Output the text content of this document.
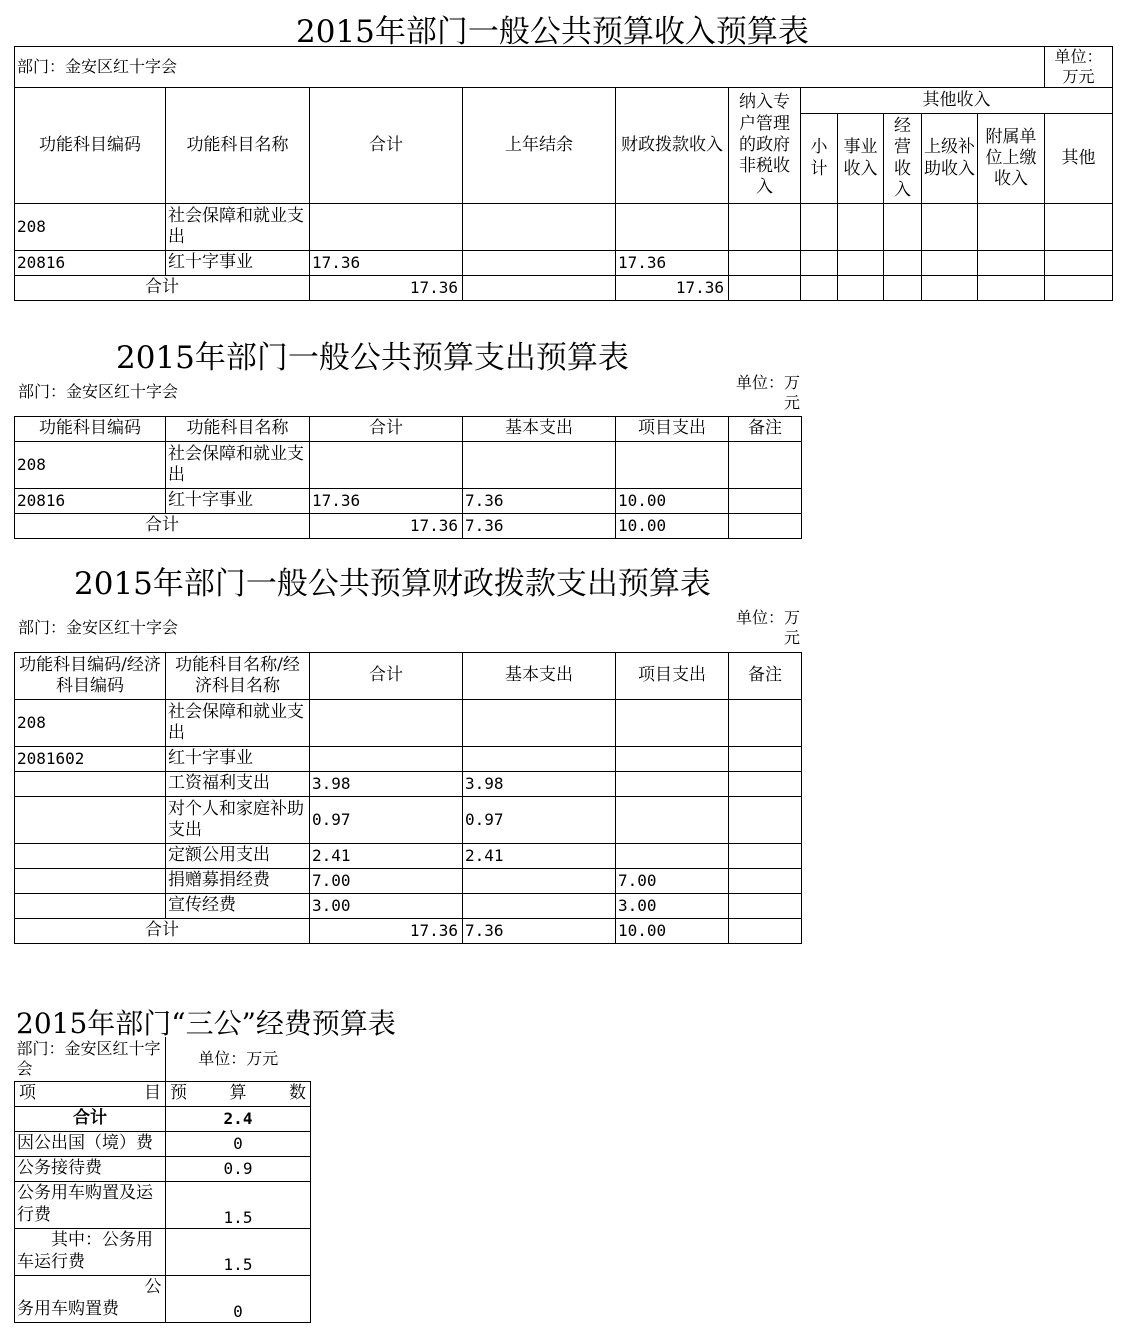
2015年部门一般公共预算收入预算表
部门：金安区红十字会											单位：万元
功能科目编码	功能科目名称	合计	上年结余	财政拨款收入	纳入专户管理的政府非税收入	其他收入					
						小计	事业收入	经营收入	上级补助收入	附属单位上缴收入	其他
208	社会保障和就业支出										
20816	红十字事业	17.36		17.36							
合计		17.36		17.36							
2015年部门一般公共预算支出预算表
部门：金安区红十字会	单位：万元
功能科目编码	功能科目名称	合计	基本支出	项目支出	备注
208	社会保障和就业支出				
20816	红十字事业	17.36	7.36	10.00	
合计		17.36	7.36	10.00	
2015年部门一般公共预算财政拨款支出预算表
部门：金安区红十字会
单位：万元
功能科目编码/经济科目编码	功能科目名称/经济科目名称	合计	基本支出	项目支出	备注
208	社会保障和就业支出				
2081602	红十字事业				
	工资福利支出	3.98	3.98		
	对个人和家庭补助支出	0.97	0.97		
	定额公用支出	2.41	2.41		
	捐赠募捐经费	7.00		7.00	
	宣传经费	3.00		3.00	
合计		17.36	7.36	10.00	
2015年部门“三公”经费预算表
部门：金安区红十字会	单位：万元
项目	预算数
合计	2.4
因公出国（境）费	0
公务接待费	0.9
公务用车购置及运行费	1.5
其中：公务用车运行费	1.5
公务用车购置费	0
